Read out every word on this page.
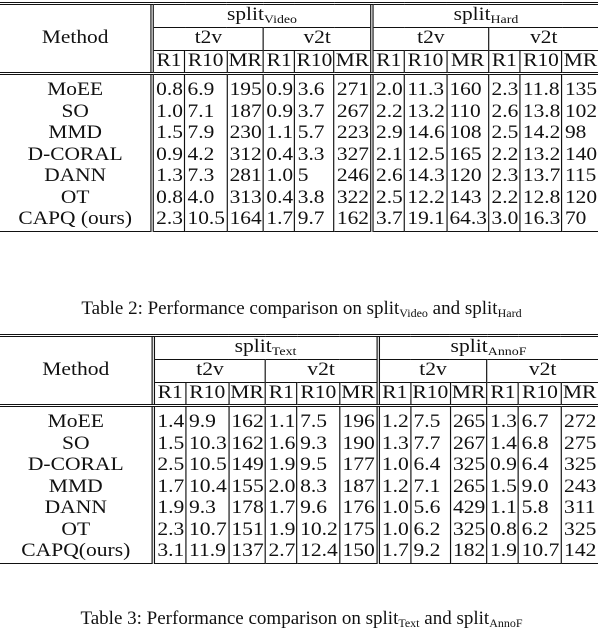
Method	split$_{Video}$						split$_{Hard}$
	t2v			v2t			t2v			v2t		
	R1	R10	MR	R1	R10	MR	R1	R10	MR	R1	R10	MR
MoEE	0.8	6.9	195	0.9	3.6	271	2.0	11.3	160	2.3	11.8	135
SO	1.0	7.1	187	0.9	3.7	267	2.2	13.2	110	2.6	13.8	102
MMD	1.5	7.9	230	1.1	5.7	223	2.9	14.6	108	2.5	14.2	98
D-CORAL	0.9	4.2	312	0.4	3.3	327	2.1	12.5	165	2.2	13.2	140
DANN	1.3	7.3	281	1.0	5	246	2.6	14.3	120	2.3	13.7	115
OT	0.8	4.0	313	0.4	3.8	322	2.5	12.2	143	2.2	12.8	120
CAPQ (ours)	2.3	10.5	164	1.7	9.7	162	3.7	19.1	64.3	3.0	16.3	70
Table 2: Performance comparison on split$_{Video}$ and split$_{Hard}$
Method	split$_{Text}$						split$_{AnnoF}$
	t2v			v2t			t2v			v2t		
	R1	R10	MR	R1	R10	MR	R1	R10	MR	R1	R10	MR
MoEE	1.4	9.9	162	1.1	7.5	196	1.2	7.5	265	1.3	6.7	272
SO	1.5	10.3	162	1.6	9.3	190	1.3	7.7	267	1.4	6.8	275
D-CORAL	2.5	10.5	149	1.9	9.5	177	1.0	6.4	325	0.9	6.4	325
MMD	1.7	10.4	155	2.0	8.3	187	1.2	7.1	265	1.5	9.0	243
DANN	1.9	9.3	178	1.7	9.6	176	1.0	5.6	429	1.1	5.8	311
OT	2.3	10.7	151	1.9	10.2	175	1.0	6.2	325	0.8	6.2	325
CAPQ(ours)	3.1	11.9	137	2.7	12.4	150	1.7	9.2	182	1.9	10.7	142
Table 3: Performance comparison on split$_{Text}$ and split$_{AnnoF}$
